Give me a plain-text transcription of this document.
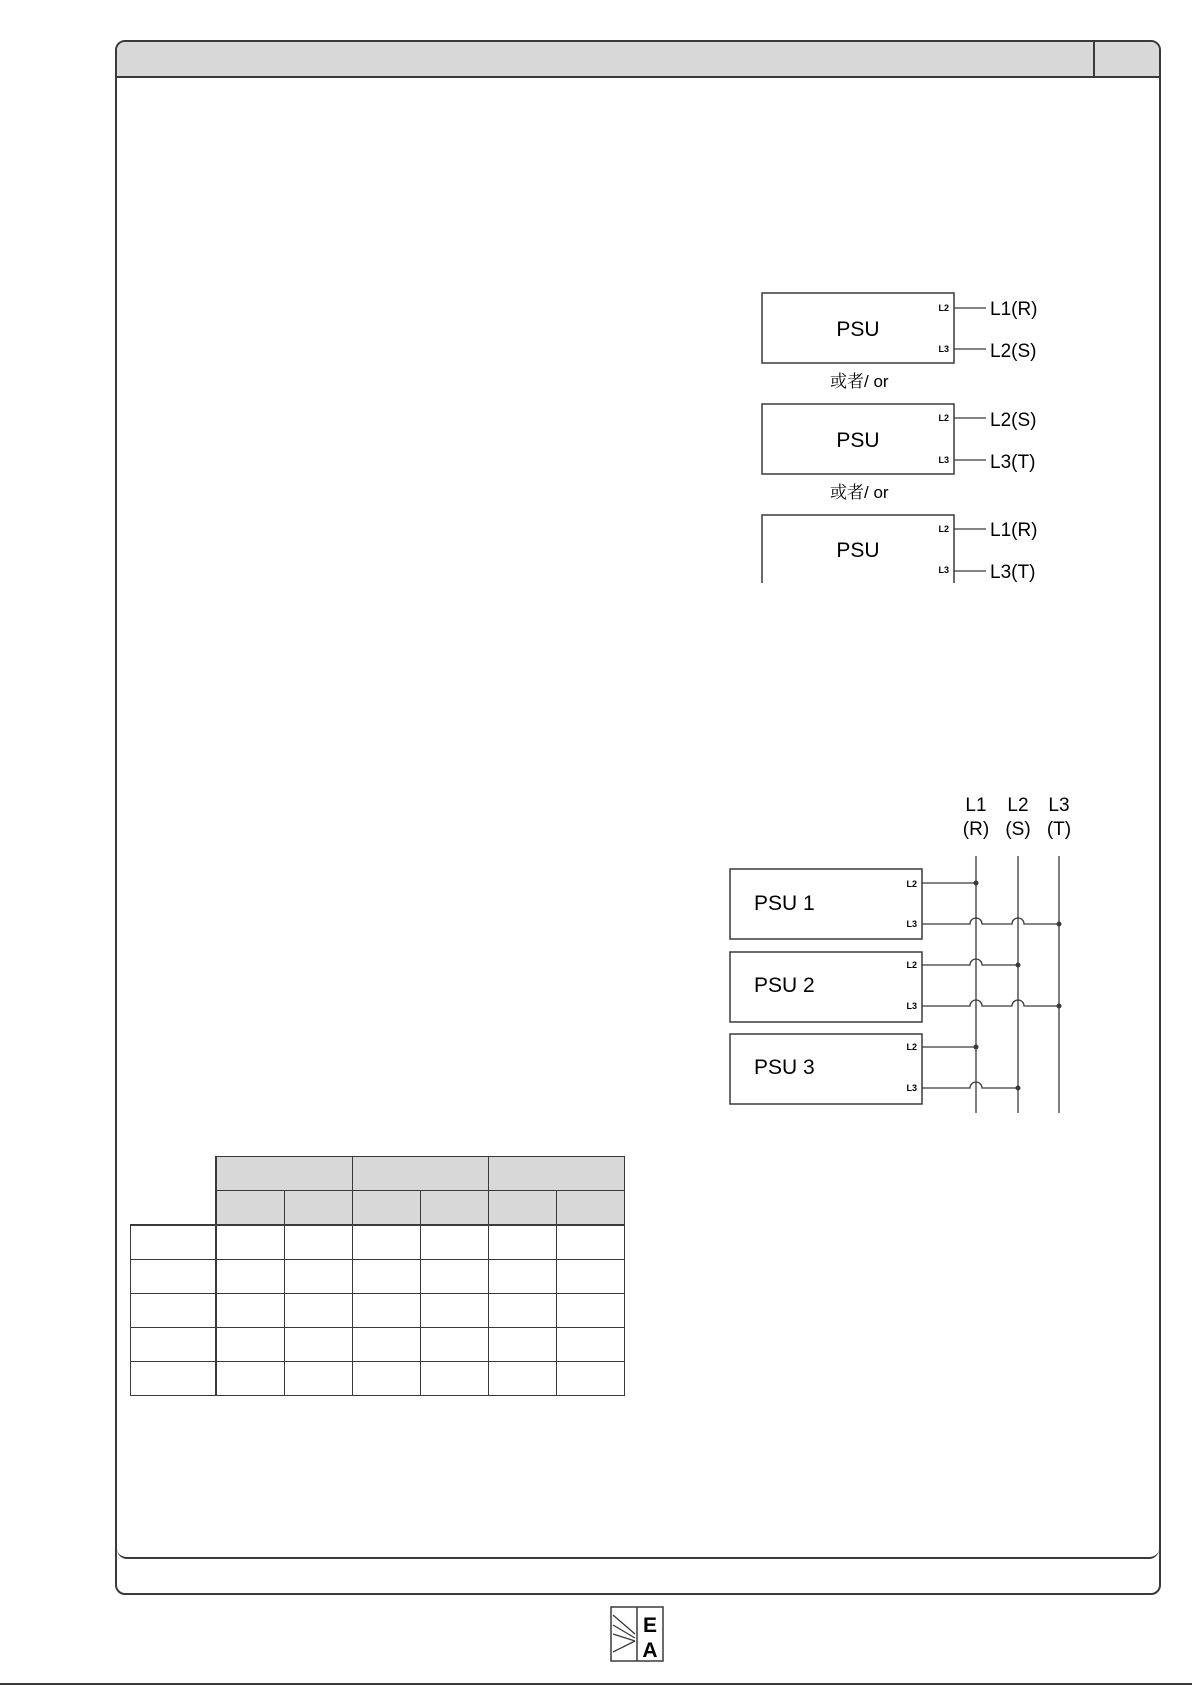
PSU
L2
L3
L1(R)
L2(S)
或者/ or
PSU
L2
L3
L2(S)
L3(T)
或者/ or
PSU
L2
L3
L1(R)
L3(T)
L1 L2 L3
(R) (S) (T)
PSU 1
L2
L3
PSU 2
L2
L3
PSU 3
L2
L3
E
A
